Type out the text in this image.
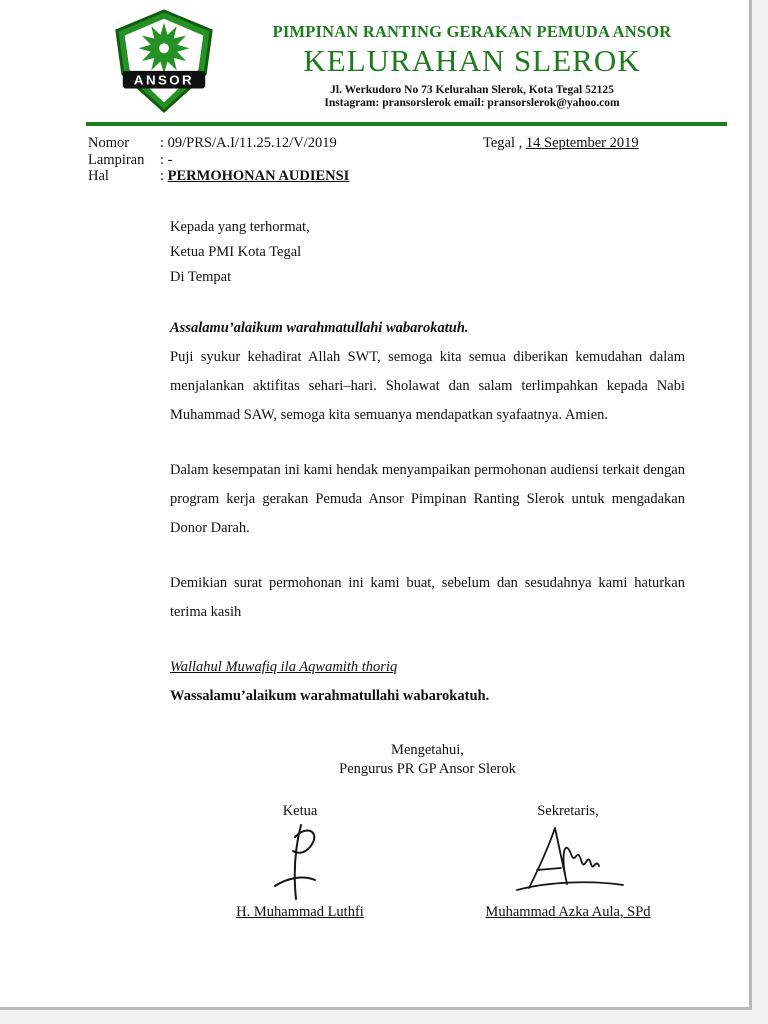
ANSOR
PIMPINAN RANTING GERAKAN PEMUDA ANSOR
KELURAHAN SLEROK
Jl. Werkudoro No 73 Kelurahan Slerok, Kota Tegal 52125
Instagram: pransorslerok email: pransorslerok@yahoo.com
Nomor	: 09/PRS/A.I/11.25.12/V/2019
Lampiran	: -
Hal	: PERMOHONAN AUDIENSI
Tegal , 14 September 2019
Kepada yang terhormat,
Ketua PMI Kota Tegal
Di Tempat
Assalamu’alaikum warahmatullahi wabarokatuh.
Puji syukur kehadirat Allah SWT, semoga kita semua diberikan kemudahan dalam menjalankan aktifitas sehari–hari. Sholawat dan salam terlimpahkan kepada Nabi Muhammad SAW, semoga kita semuanya mendapatkan syafaatnya. Amien.
Dalam kesempatan ini kami hendak menyampaikan permohonan audiensi terkait dengan program kerja gerakan Pemuda Ansor Pimpinan Ranting Slerok untuk mengadakan Donor Darah.
Demikian surat permohonan ini kami buat, sebelum dan sesudahnya kami haturkan terima kasih
Wallahul Muwafiq ila Aqwamith thoriq
Wassalamu’alaikum warahmatullahi wabarokatuh.
Mengetahui,
Pengurus PR GP Ansor Slerok
Ketua
H. Muhammad Luthfi
Sekretaris,
Muhammad Azka Aula, SPd
